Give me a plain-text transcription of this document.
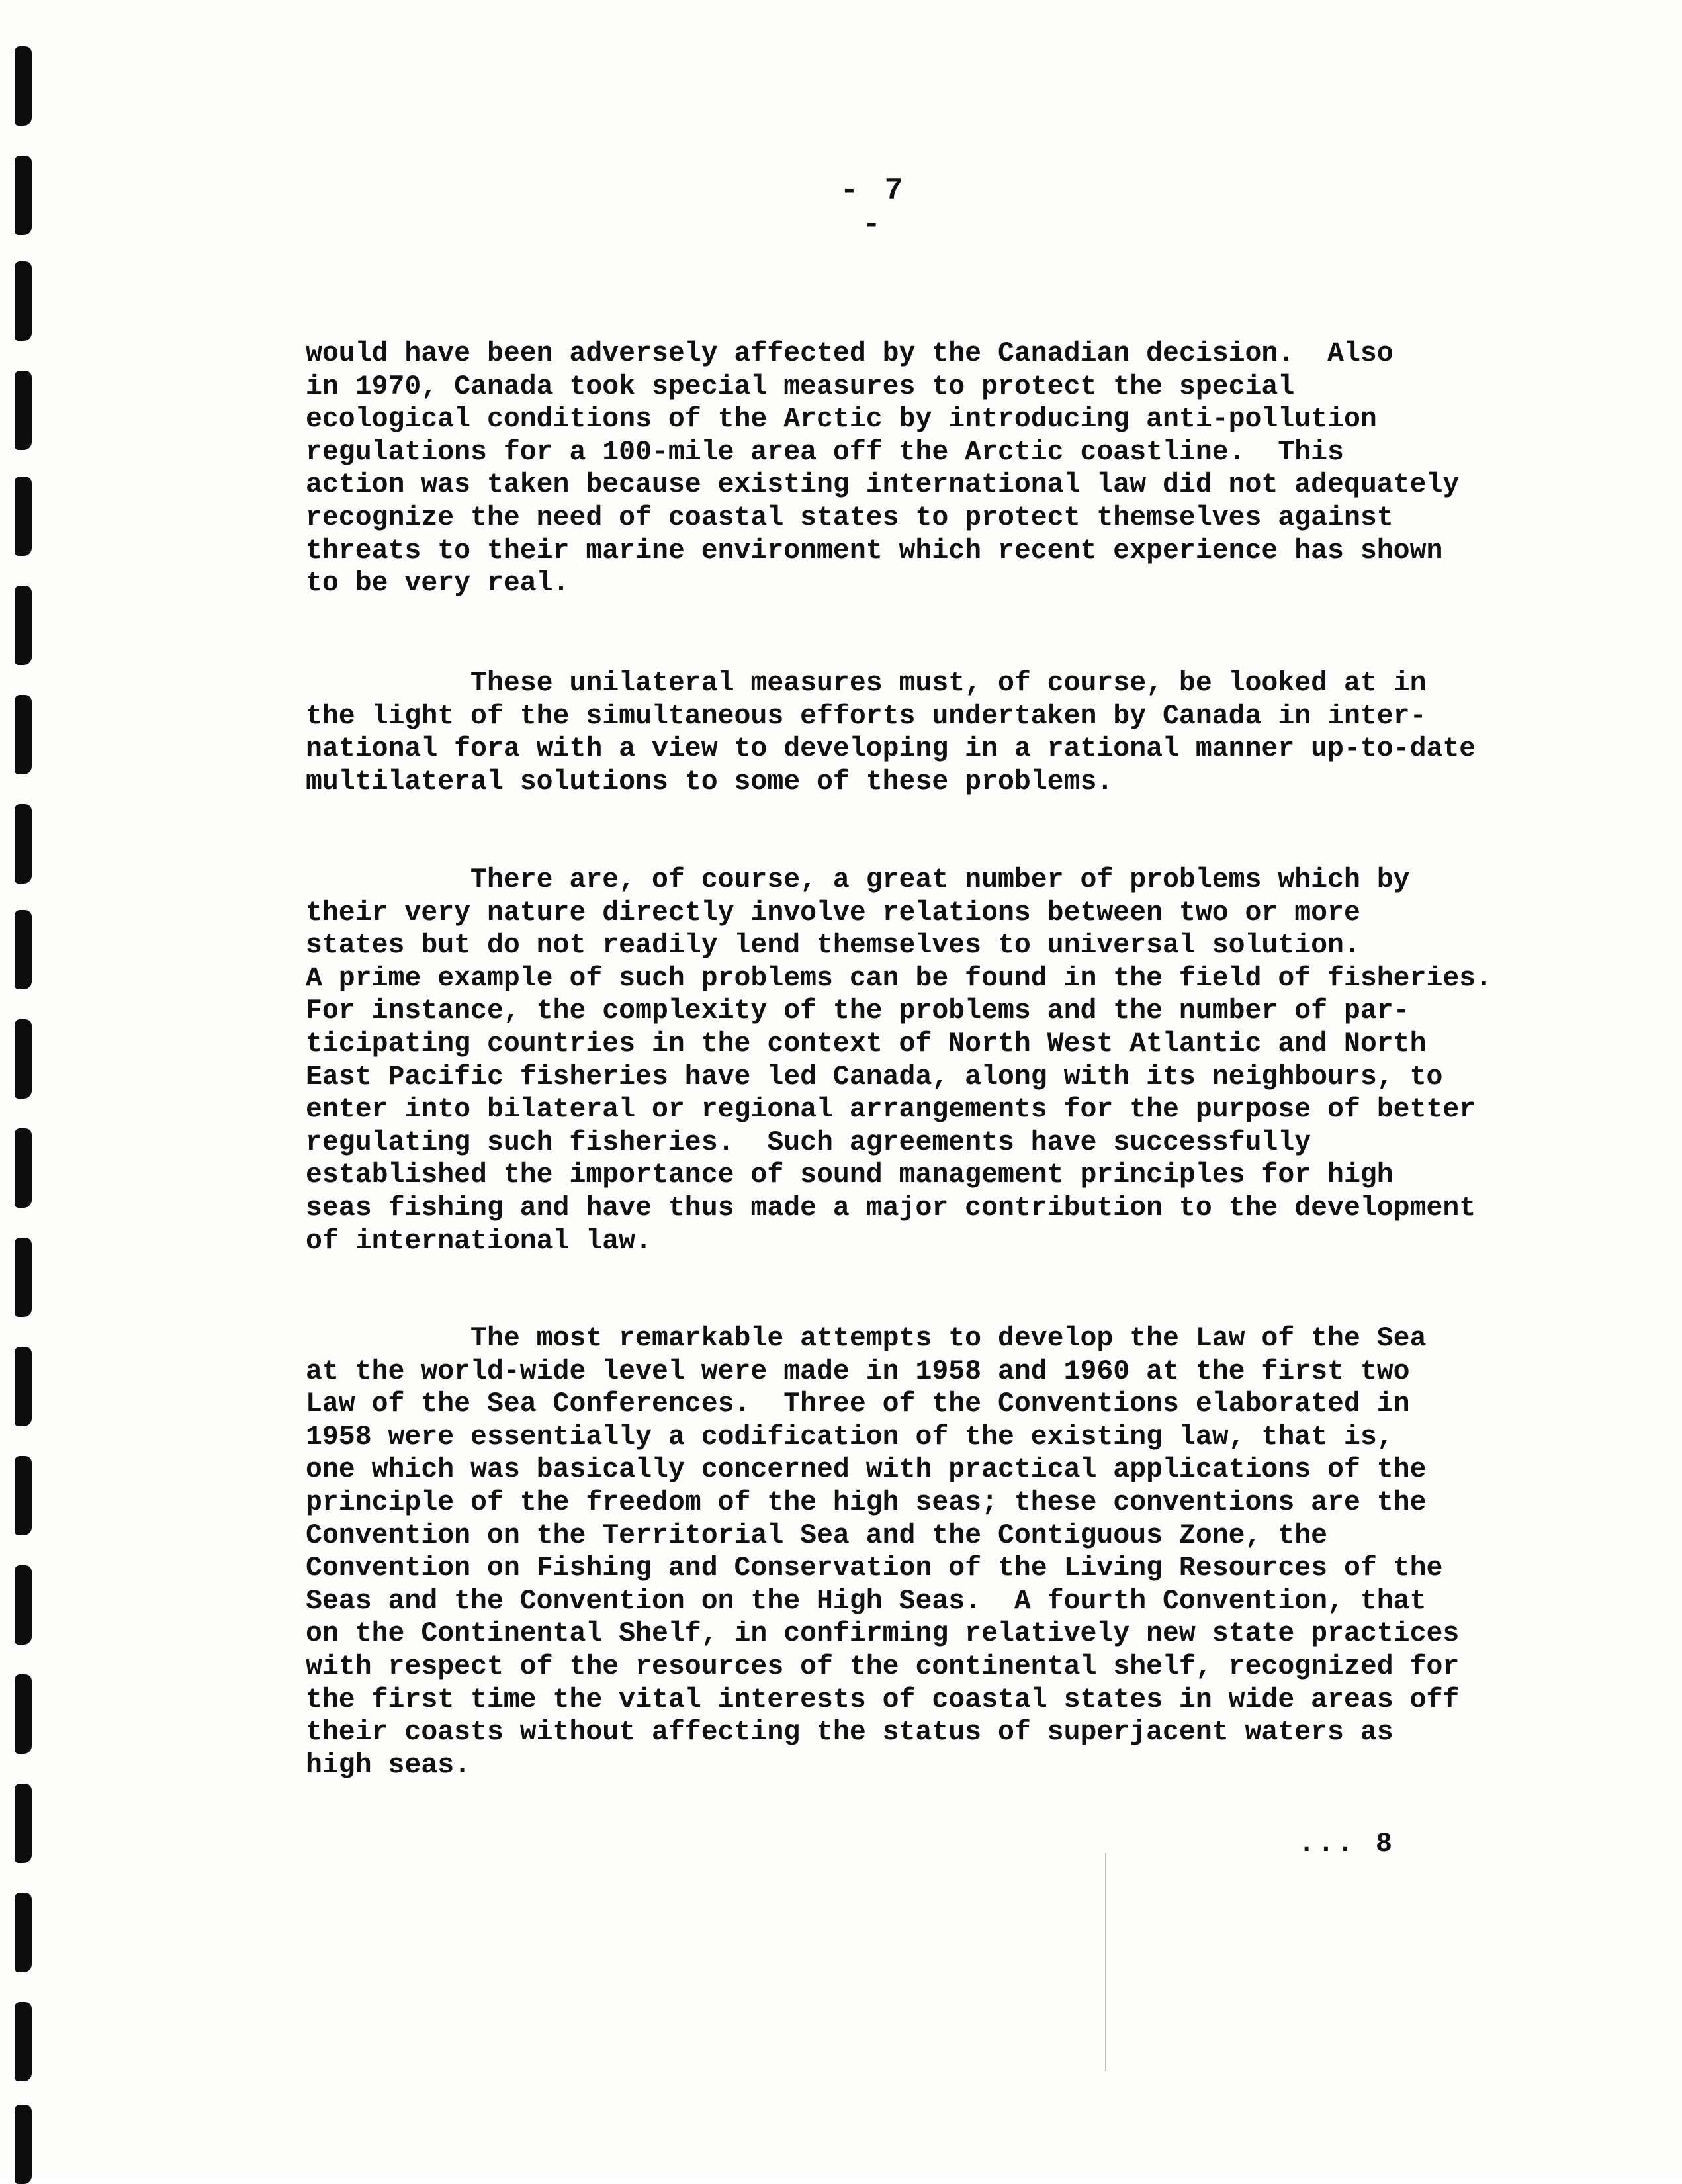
- 7 -
would have been adversely affected by the Canadian decision.  Also
in 1970, Canada took special measures to protect the special
ecological conditions of the Arctic by introducing anti-pollution
regulations for a 100-mile area off the Arctic coastline.  This
action was taken because existing international law did not adequately
recognize the need of coastal states to protect themselves against
threats to their marine environment which recent experience has shown
to be very real.
These unilateral measures must, of course, be looked at in
the light of the simultaneous efforts undertaken by Canada in inter-
national fora with a view to developing in a rational manner up-to-date
multilateral solutions to some of these problems.
There are, of course, a great number of problems which by
their very nature directly involve relations between two or more
states but do not readily lend themselves to universal solution.
A prime example of such problems can be found in the field of fisheries.
For instance, the complexity of the problems and the number of par-
ticipating countries in the context of North West Atlantic and North
East Pacific fisheries have led Canada, along with its neighbours, to
enter into bilateral or regional arrangements for the purpose of better
regulating such fisheries.  Such agreements have successfully
established the importance of sound management principles for high
seas fishing and have thus made a major contribution to the development
of international law.
The most remarkable attempts to develop the Law of the Sea
at the world-wide level were made in 1958 and 1960 at the first two
Law of the Sea Conferences.  Three of the Conventions elaborated in
1958 were essentially a codification of the existing law, that is,
one which was basically concerned with practical applications of the
principle of the freedom of the high seas; these conventions are the
Convention on the Territorial Sea and the Contiguous Zone, the
Convention on Fishing and Conservation of the Living Resources of the
Seas and the Convention on the High Seas.  A fourth Convention, that
on the Continental Shelf, in confirming relatively new state practices
with respect of the resources of the continental shelf, recognized for
the first time the vital interests of coastal states in wide areas off
their coasts without affecting the status of superjacent waters as
high seas.
... 8
